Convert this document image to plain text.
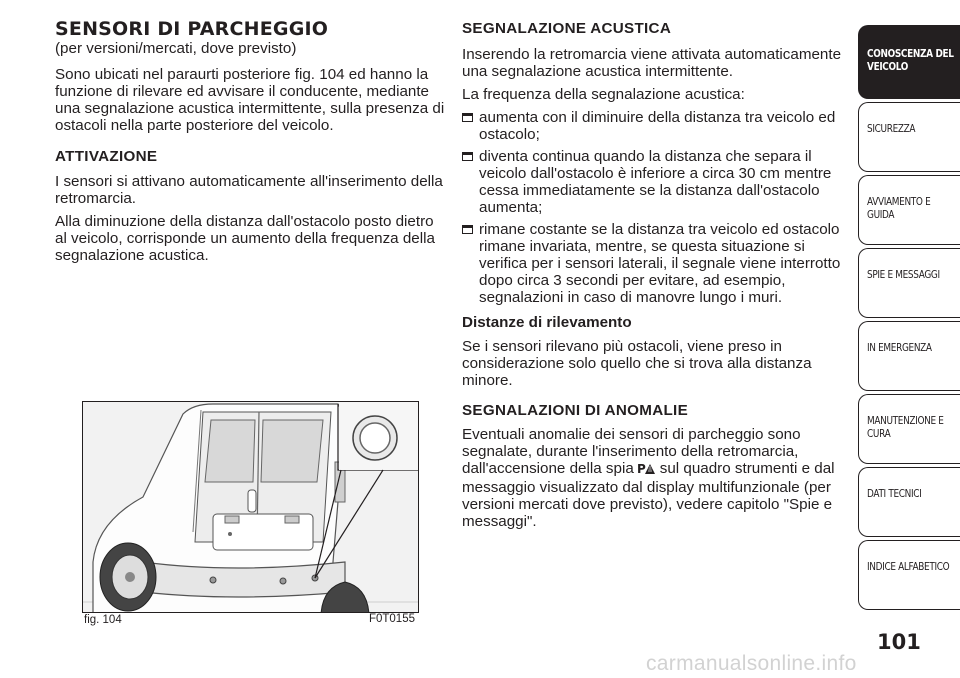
SENSORI DI PARCHEGGIO
(per versioni/mercati, dove previsto)

Sono ubicati nel paraurti posteriore fig. 104 ed hanno la funzione di rilevare ed avvisare il conducente, mediante una segnalazione acustica intermittente, sulla presenza di ostacoli nella parte posteriore del veicolo.

ATTIVAZIONE

I sensori si attivano automaticamente all'inserimento della retromarcia.

Alla diminuzione della distanza dall'ostacolo posto dietro al veicolo, corrisponde un aumento della frequenza della segnalazione acustica.

fig. 104	F0T0155
SEGNALAZIONE ACUSTICA

Inserendo la retromarcia viene attivata automaticamente una segnalazione acustica intermittente.

La frequenza della segnalazione acustica:

aumenta con il diminuire della distanza tra veicolo ed ostacolo;
diventa continua quando la distanza che separa il veicolo dall'ostacolo è inferiore a circa 30 cm mentre cessa immediatamente se la distanza dall'ostacolo aumenta;
rimane costante se la distanza tra veicolo ed ostacolo rimane invariata, mentre, se questa situazione si verifica per i sensori laterali, il segnale viene interrotto dopo circa 3 secondi per evitare, ad esempio, segnalazioni in caso di manovre lungo i muri.
Distanze di rilevamento

Se i sensori rilevano più ostacoli, viene preso in considerazione solo quello che si trova alla distanza minore.

SEGNALAZIONI DI ANOMALIE

Eventuali anomalie dei sensori di parcheggio sono segnalate, durante l'inserimento della retromarcia, dall'accensione della spia P sul quadro strumenti e dal messaggio visualizzato dal display multifunzionale (per versioni mercati dove previsto), vedere capitolo "Spie e messaggi".

CONOSCENZA DEL
VEICOLO
SICUREZZA
AVVIAMENTO E
GUIDA
SPIE E MESSAGGI
IN EMERGENZA
MANUTENZIONE E
CURA
DATI TECNICI
INDICE ALFABETICO
101
carmanualsonline.info
